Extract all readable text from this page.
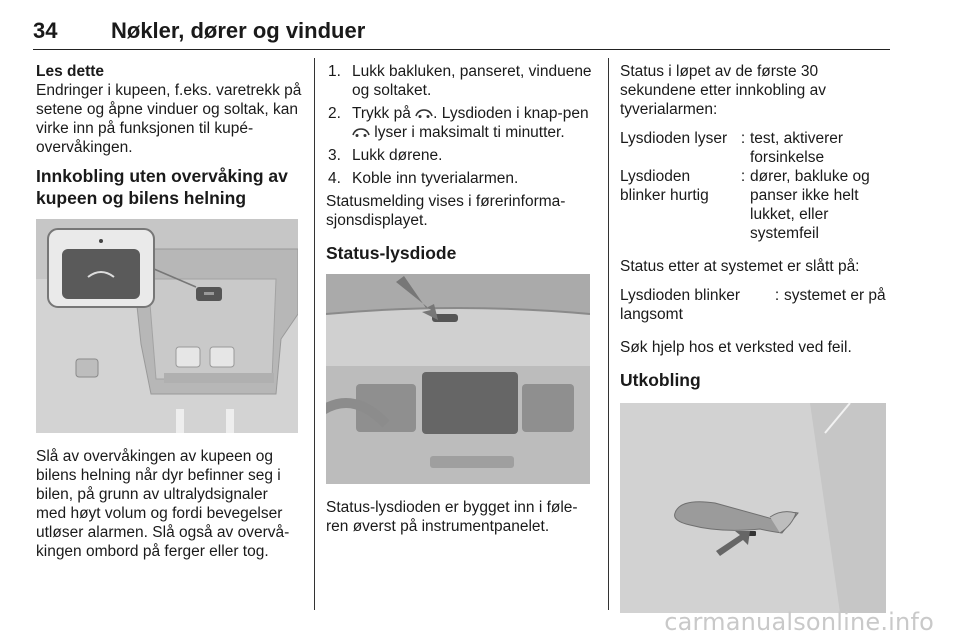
34 Nøkler, dører og vinduer
Les dette
Endringer i kupeen, f.eks. varetrekk på setene og åpne vinduer og soltak, kan virke inn på funksjonen til kupé-overvåkingen.
Innkobling uten overvåking av kupeen og bilens helning

Slå av overvåkingen av kupeen og bilens helning når dyr befinner seg i bilen, på grunn av ultralydsignaler med høyt volum og fordi bevegelser utløser alarmen. Slå også av overvå-kingen ombord på ferger eller tog.

1. Lukk bakluken, panseret, vinduene og soltaket.
2. Trykk på . Lysdioden i knap-pen  lyser i maksimalt ti minutter.
3. Lukk dørene.
4. Koble inn tyverialarmen.

Statusmelding vises i førerinforma-sjonsdisplayet.

Status-lysdiode

Status-lysdioden er bygget inn i føle-ren øverst på instrumentpanelet.

Status i løpet av de første 30 sekundene etter innkobling av tyverialarmen:

Lysdioden lyser	:	test, aktiverer forsinkelse
Lysdioden blinker hurtig	:	dører, bakluke og panser ikke helt lukket, eller systemfeil

Status etter at systemet er slått på:

Lysdioden blinker langsomt	:	systemet er på

Søk hjelp hos et verksted ved feil.

Utkobling
carmanualsonline.info
